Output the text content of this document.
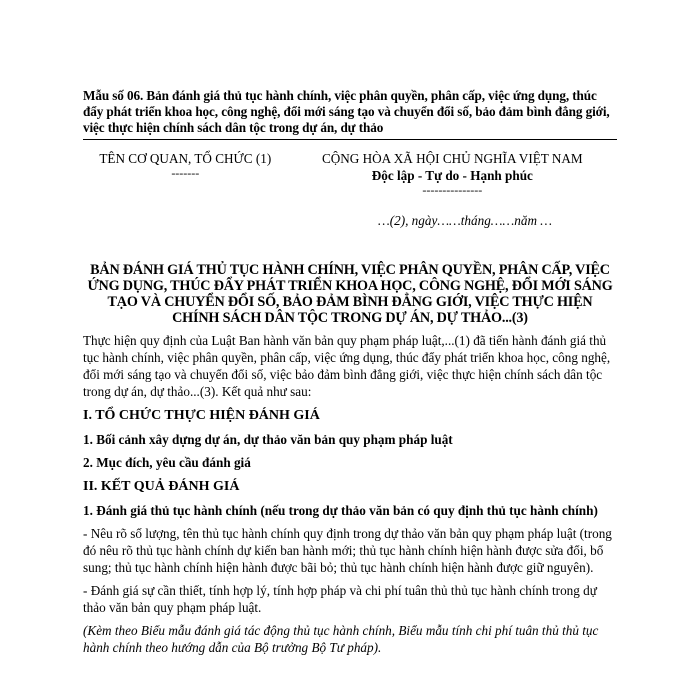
Mẫu số 06. Bản đánh giá thủ tục hành chính, việc phân quyền, phân cấp, việc ứng dụng, thúc đẩy phát triển khoa học, công nghệ, đổi mới sáng tạo và chuyển đổi số, bảo đảm bình đẳng giới, việc thực hiện chính sách dân tộc trong dự án, dự thảo

TÊN CƠ QUAN, TỔ CHỨC (1)
-------
CỘNG HÒA XÃ HỘI CHỦ NGHĨA VIỆT NAM
Độc lập - Tự do - Hạnh phúc
---------------
…(2), ngày……tháng……năm …
BẢN ĐÁNH GIÁ THỦ TỤC HÀNH CHÍNH, VIỆC PHÂN QUYỀN, PHÂN CẤP, VIỆC ỨNG DỤNG, THÚC ĐẨY PHÁT TRIỂN KHOA HỌC, CÔNG NGHỆ, ĐỔI MỚI SÁNG TẠO VÀ CHUYỂN ĐỔI SỐ, BẢO ĐẢM BÌNH ĐẲNG GIỚI, VIỆC THỰC HIỆN CHÍNH SÁCH DÂN TỘC TRONG DỰ ÁN, DỰ THẢO...(3)
Thực hiện quy định của Luật Ban hành văn bản quy phạm pháp luật,...(1) đã tiến hành đánh giá thủ tục hành chính, việc phân quyền, phân cấp, việc ứng dụng, thúc đẩy phát triển khoa học, công nghệ, đổi mới sáng tạo và chuyển đổi số, việc bảo đảm bình đẳng giới, việc thực hiện chính sách dân tộc trong dự án, dự thảo...(3). Kết quả như sau:
I. TỔ CHỨC THỰC HIỆN ĐÁNH GIÁ
1. Bối cảnh xây dựng dự án, dự thảo văn bản quy phạm pháp luật
2. Mục đích, yêu cầu đánh giá
II. KẾT QUẢ ĐÁNH GIÁ
1. Đánh giá thủ tục hành chính (nếu trong dự thảo văn bản có quy định thủ tục hành chính)
- Nêu rõ số lượng, tên thủ tục hành chính quy định trong dự thảo văn bản quy phạm pháp luật (trong đó nêu rõ thủ tục hành chính dự kiến ban hành mới; thủ tục hành chính hiện hành được sửa đổi, bổ sung; thủ tục hành chính hiện hành được bãi bỏ; thủ tục hành chính hiện hành được giữ nguyên).
- Đánh giá sự cần thiết, tính hợp lý, tính hợp pháp và chi phí tuân thủ thủ tục hành chính trong dự thảo văn bản quy phạm pháp luật.
(Kèm theo Biểu mẫu đánh giá tác động thủ tục hành chính, Biểu mẫu tính chi phí tuân thủ thủ tục hành chính theo hướng dẫn của Bộ trưởng Bộ Tư pháp).
